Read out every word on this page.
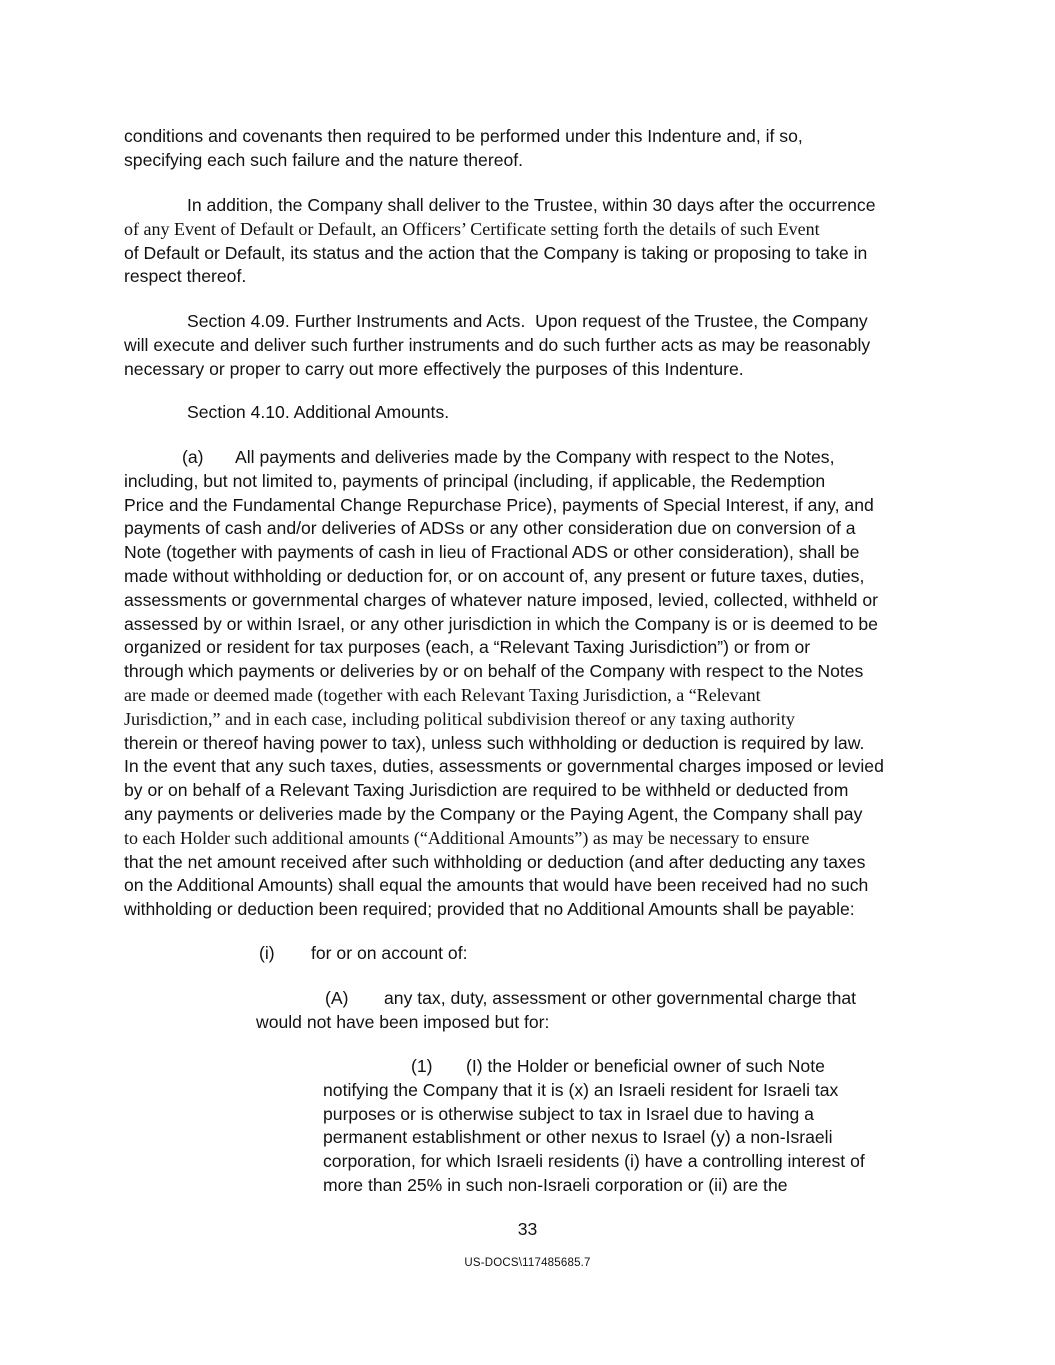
conditions and covenants then required to be performed under this Indenture and, if so,
specifying each such failure and the nature thereof.
In addition, the Company shall deliver to the Trustee, within 30 days after the occurrence
of any Event of Default or Default, an Officers’ Certificate setting forth the details of such Event
of Default or Default, its status and the action that the Company is taking or proposing to take in
respect thereof.
Section 4.09. Further Instruments and Acts. Upon request of the Trustee, the Company
will execute and deliver such further instruments and do such further acts as may be reasonably
necessary or proper to carry out more effectively the purposes of this Indenture.
Section 4.10. Additional Amounts.
(a) All payments and deliveries made by the Company with respect to the Notes,
including, but not limited to, payments of principal (including, if applicable, the Redemption
Price and the Fundamental Change Repurchase Price), payments of Special Interest, if any, and
payments of cash and/or deliveries of ADSs or any other consideration due on conversion of a
Note (together with payments of cash in lieu of Fractional ADS or other consideration), shall be
made without withholding or deduction for, or on account of, any present or future taxes, duties,
assessments or governmental charges of whatever nature imposed, levied, collected, withheld or
assessed by or within Israel, or any other jurisdiction in which the Company is or is deemed to be
organized or resident for tax purposes (each, a “Relevant Taxing Jurisdiction”) or from or
through which payments or deliveries by or on behalf of the Company with respect to the Notes
are made or deemed made (together with each Relevant Taxing Jurisdiction, a “Relevant
Jurisdiction,” and in each case, including political subdivision thereof or any taxing authority
therein or thereof having power to tax), unless such withholding or deduction is required by law.
In the event that any such taxes, duties, assessments or governmental charges imposed or levied
by or on behalf of a Relevant Taxing Jurisdiction are required to be withheld or deducted from
any payments or deliveries made by the Company or the Paying Agent, the Company shall pay
to each Holder such additional amounts (“Additional Amounts”) as may be necessary to ensure
that the net amount received after such withholding or deduction (and after deducting any taxes
on the Additional Amounts) shall equal the amounts that would have been received had no such
withholding or deduction been required; provided that no Additional Amounts shall be payable:
(i) for or on account of:
(A) any tax, duty, assessment or other governmental charge that
would not have been imposed but for:
(1) (I) the Holder or beneficial owner of such Note
notifying the Company that it is (x) an Israeli resident for Israeli tax
purposes or is otherwise subject to tax in Israel due to having a
permanent establishment or other nexus to Israel (y) a non-Israeli
corporation, for which Israeli residents (i) have a controlling interest of
more than 25% in such non-Israeli corporation or (ii) are the
33
US-DOCS\117485685.7
